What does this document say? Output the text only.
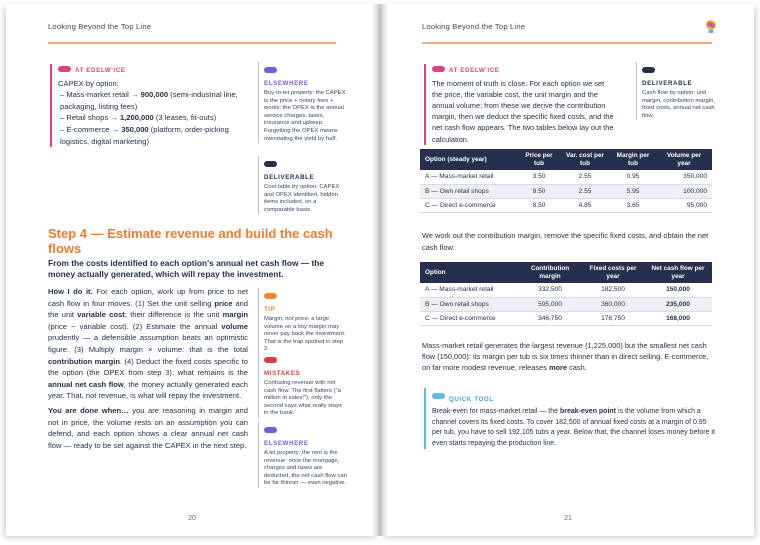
Looking Beyond the Top Line
AT EDELW'ICE
CAPEX by option:
– Mass-market retail → 900,000 (semi-industrial line, packaging, listing fees)
– Retail shops → 1,200,000 (3 leases, fit-outs)
– E-commerce → 350,000 (platform, order-picking logistics, digital marketing)
ELSEWHERE

Buy-to-let property: the CAPEX is the price + notary fees + works; the OPEX is the annual service charges, taxes, insurance and upkeep. Forgetting the OPEX means overstating the yield by half.

DELIVERABLE

Cost table by option: CAPEX and OPEX identified, hidden items included, on a comparable basis.

Step 4 — Estimate revenue and build the cash flows
From the costs identified to each option's annual net cash flow — the money actually generated, which will repay the investment.

How I do it. For each option, work up from price to net cash flow in four moves. (1) Set the unit selling price and the unit variable cost; their difference is the unit margin (price − variable cost). (2) Estimate the annual volume prudently — a defensible assumption beats an optimistic figure. (3) Multiply margin × volume: that is the total contribution margin. (4) Deduct the fixed costs specific to the option (the OPEX from step 3): what remains is the annual net cash flow, the money actually generated each year. That, not revenue, is what will repay the investment.

You are done when… you are reasoning in margin and not in price, the volume rests on an assumption you can defend, and each option shows a clear annual net cash flow — ready to be set against the CAPEX in the next step.

TIP

Margin, not price: a large volume on a tiny margin may never pay back the investment. That is the trap spotted in step 2.

MISTAKES

Confusing revenue with net cash flow. The first flatters ("a million in sales!"); only the second says what really stays in the bank.

ELSEWHERE

A let property: the rent is the revenue; once the mortgage, charges and taxes are deducted, the net cash flow can be far thinner — even negative.

20
Looking Beyond the Top Line
AT EDELW'ICE
The moment of truth is close. For each option we set the price, the variable cost, the unit margin and the annual volume; from these we derive the contribution margin, then we deduct the specific fixed costs, and the net cash flow appears. The two tables below lay out the calculation.
DELIVERABLE

Cash flow by option: unit margin, contribution margin, fixed costs, annual net cash flow.

Option (steady year)	Price per tub	Var. cost per tub	Margin per tub	Volume per year
A — Mass-market retail	3.50	2.55	0.95	350,000
B — Own retail shops	8.50	2.55	5.95	100,000
C — Direct e-commerce	8.50	4.85	3.65	95,000
We work out the contribution margin, remove the specific fixed costs, and obtain the net cash flow:
Option	Contribution margin	Fixed costs per year	Net cash flow per year
A — Mass-market retail	332,500	182,500	150,000
B — Own retail shops	595,000	360,000	235,000
C — Direct e-commerce	346,750	178,750	168,000
Mass-market retail generates the largest revenue (1,225,000) but the smallest net cash flow (150,000): its margin per tub is six times thinner than in direct selling. E-commerce, on far more modest revenue, releases more cash.
QUICK TOOL

Break-even for mass-market retail — the break-even point is the volume from which a channel covers its fixed costs. To cover 182,500 of annual fixed costs at a margin of 0.95 per tub, you have to sell 192,105 tubs a year. Below that, the channel loses money before it even starts repaying the production line.

21
